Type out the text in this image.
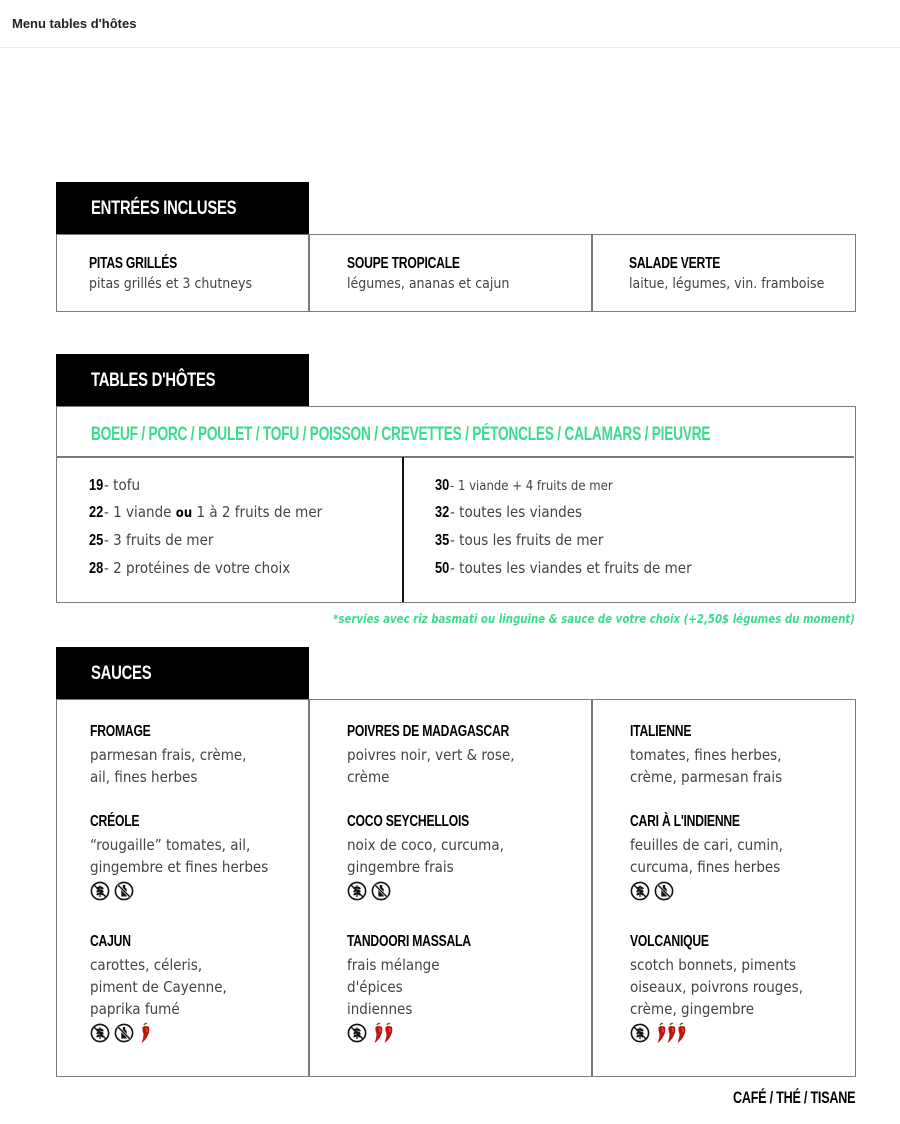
Menu tables d'hôtes
ENTRÉES INCLUSES
PITAS GRILLÉS
pitas grillés et 3 chutneys
SOUPE TROPICALE
légumes, ananas et cajun
SALADE VERTE
laitue, légumes, vin. framboise
TABLES D'HÔTES
BOEUF / PORC / POULET / TOFU / POISSON / CREVETTES / PÉTONCLES / CALAMARS / PIEUVRE
19- tofu
22- 1 viande ou 1 à 2 fruits de mer
25- 3 fruits de mer
28- 2 protéines de votre choix
30- 1 viande + 4 fruits de mer
32- toutes les viandes
35- tous les fruits de mer
50- toutes les viandes et fruits de mer
*servies avec riz basmati ou linguine & sauce de votre choix (+2,50$ légumes du moment)
SAUCES
FROMAGE
parmesan frais, crème,
ail, fines herbes
POIVRES DE MADAGASCAR
poivres noir, vert & rose,
crème
ITALIENNE
tomates, fines herbes,
crème, parmesan frais
CRÉOLE
“rougaille” tomates, ail,
gingembre et fines herbes
COCO SEYCHELLOIS
noix de coco, curcuma,
gingembre frais
CARI À L'INDIENNE
feuilles de cari, cumin,
curcuma, fines herbes
CAJUN
carottes, céleris,
piment de Cayenne,
paprika fumé
TANDOORI MASSALA
frais mélange
d'épices
indiennes
VOLCANIQUE
scotch bonnets, piments
oiseaux, poivrons rouges,
crème, gingembre
CAFÉ / THÉ / TISANE
